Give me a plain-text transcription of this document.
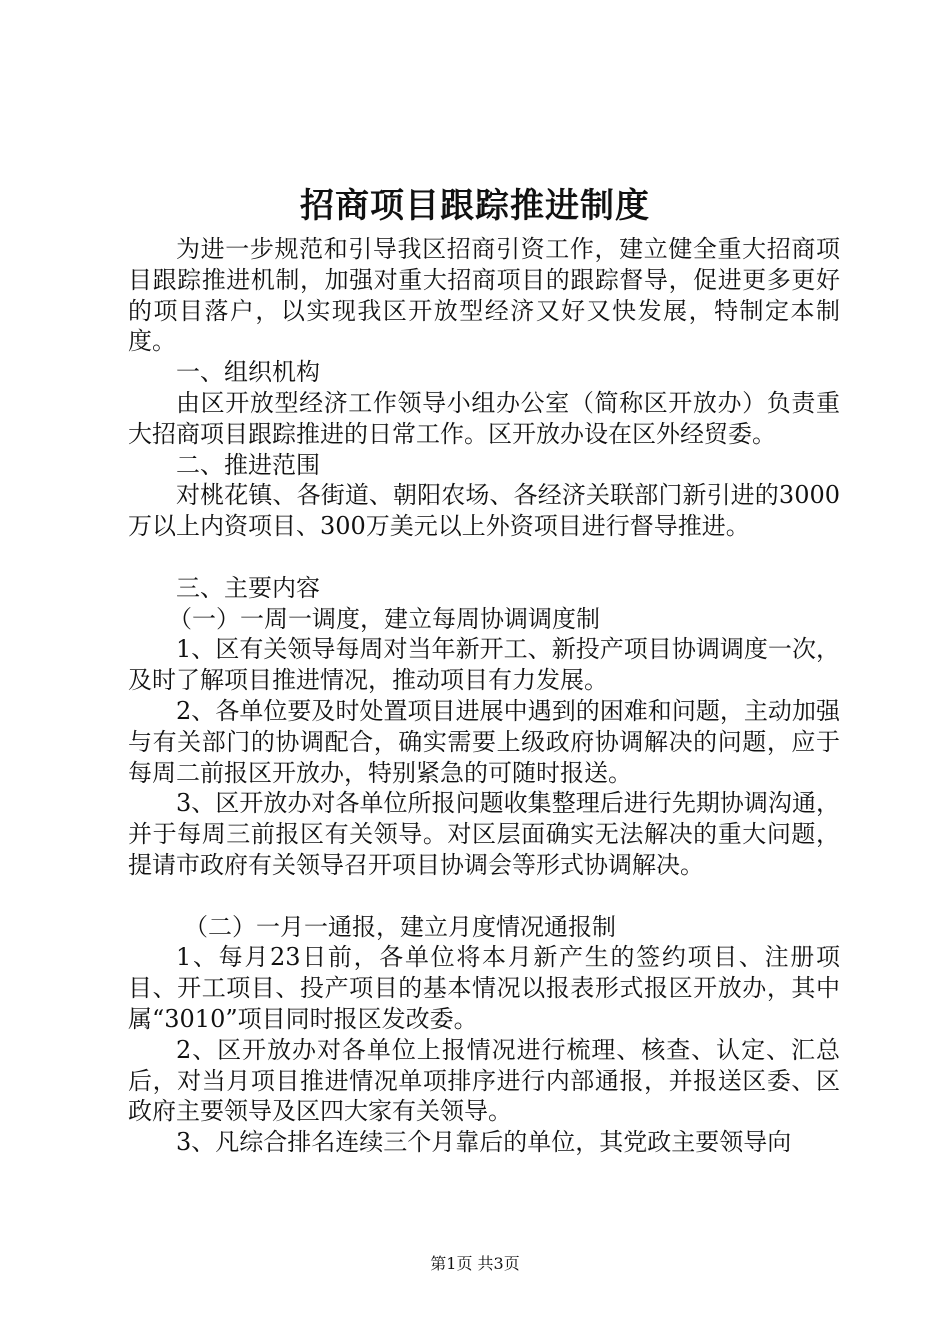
招商项目跟踪推进制度

为进一步规范和引导我区招商引资工作，建立健全重大招商项目跟踪推进机制，加强对重大招商项目的跟踪督导，促进更多更好的项目落户，以实现我区开放型经济又好又快发展，特制定本制度。

一、组织机构

由区开放型经济工作领导小组办公室（简称区开放办）负责重大招商项目跟踪推进的日常工作。区开放办设在区外经贸委。

二、推进范围

对桃花镇、各街道、朝阳农场、各经济关联部门新引进的3000万以上内资项目、300万美元以上外资项目进行督导推进。

三、主要内容

（一）一周一调度，建立每周协调调度制

1、区有关领导每周对当年新开工、新投产项目协调调度一次，及时了解项目推进情况，推动项目有力发展。

2、各单位要及时处置项目进展中遇到的困难和问题，主动加强与有关部门的协调配合，确实需要上级政府协调解决的问题，应于每周二前报区开放办，特别紧急的可随时报送。

3、区开放办对各单位所报问题收集整理后进行先期协调沟通，并于每周三前报区有关领导。对区层面确实无法解决的重大问题，提请市政府有关领导召开项目协调会等形式协调解决。

（二）一月一通报，建立月度情况通报制

1、每月23日前，各单位将本月新产生的签约项目、注册项目、开工项目、投产项目的基本情况以报表形式报区开放办，其中属“3010”项目同时报区发改委。

2、区开放办对各单位上报情况进行梳理、核查、认定、汇总后，对当月项目推进情况单项排序进行内部通报，并报送区委、区政府主要领导及区四大家有关领导。

3、凡综合排名连续三个月靠后的单位，其党政主要领导向

第1页 共3页
